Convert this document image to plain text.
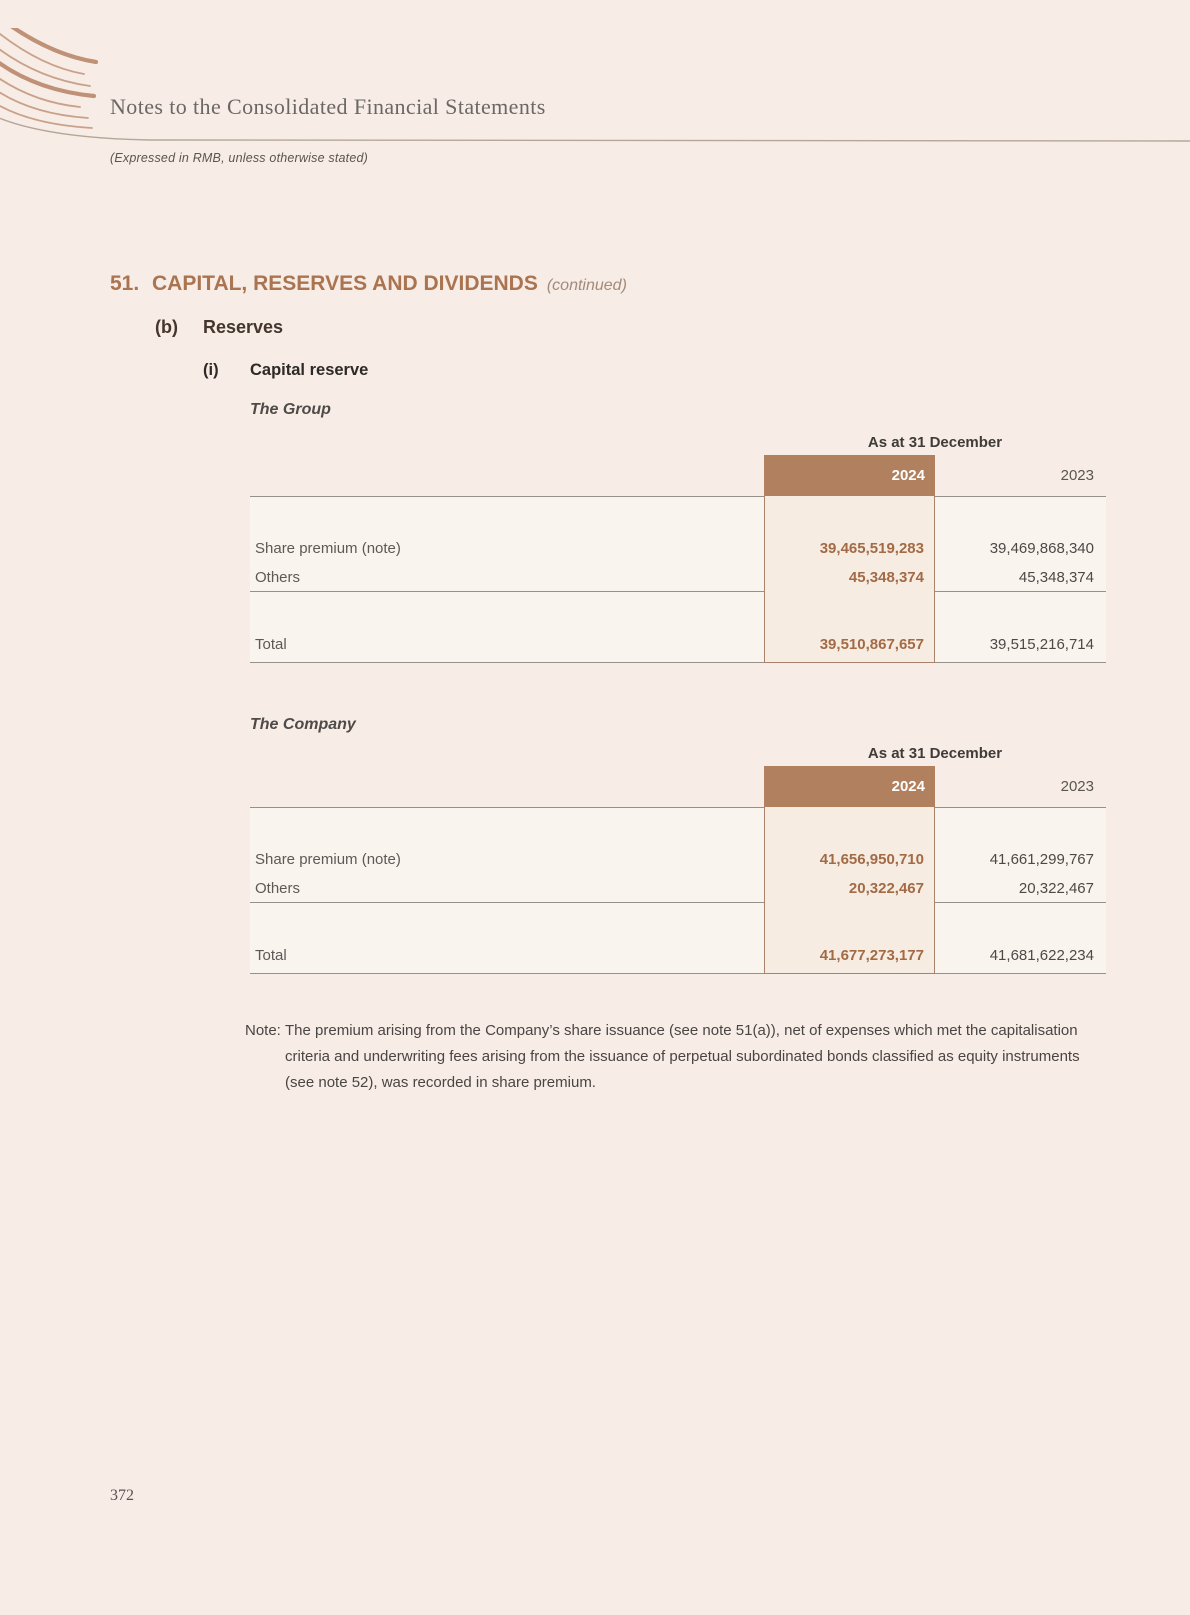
Notes to the Consolidated Financial Statements
(Expressed in RMB, unless otherwise stated)
51. CAPITAL, RESERVES AND DIVIDENDS (continued)
(b)	Reserves
(i)	Capital reserve
The Group
As at 31 December
2024	2023
Share premium (note)	39,465,519,283	39,469,868,340
Others	45,348,374	45,348,374
Total	39,510,867,657	39,515,216,714
The Company
As at 31 December
2024	2023
Share premium (note)	41,656,950,710	41,661,299,767
Others	20,322,467	20,322,467
Total	41,677,273,177	41,681,622,234
Note: The premium arising from the Company’s share issuance (see note 51(a)), net of expenses which met the capitalisation criteria and underwriting fees arising from the issuance of perpetual subordinated bonds classified as equity instruments (see note 52), was recorded in share premium.
372
